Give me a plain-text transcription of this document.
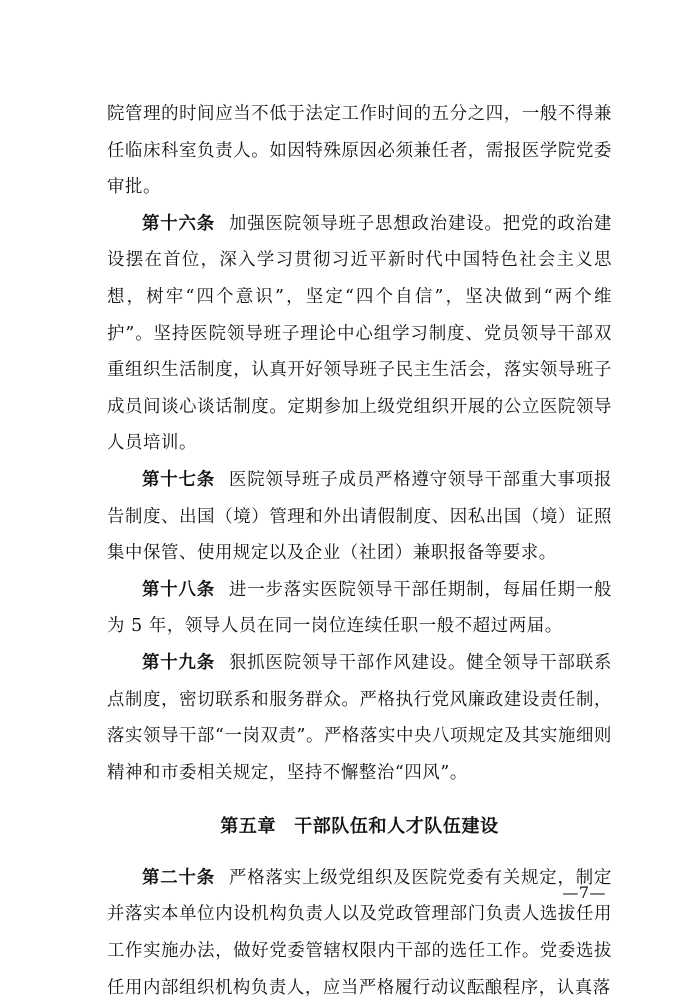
院管理的时间应当不低于法定工作时间的五分之四，一般不得兼任临床科室负责人。如因特殊原因必须兼任者，需报医学院党委审批。

第十六条 加强医院领导班子思想政治建设。把党的政治建设摆在首位，深入学习贯彻习近平新时代中国特色社会主义思想，树牢“四个意识”，坚定“四个自信”，坚决做到“两个维护”。坚持医院领导班子理论中心组学习制度、党员领导干部双重组织生活制度，认真开好领导班子民主生活会，落实领导班子成员间谈心谈话制度。定期参加上级党组织开展的公立医院领导人员培训。

第十七条 医院领导班子成员严格遵守领导干部重大事项报告制度、出国（境）管理和外出请假制度、因私出国（境）证照集中保管、使用规定以及企业（社团）兼职报备等要求。

第十八条 进一步落实医院领导干部任期制，每届任期一般为 5 年，领导人员在同一岗位连续任职一般不超过两届。

第十九条 狠抓医院领导干部作风建设。健全领导干部联系点制度，密切联系和服务群众。严格执行党风廉政建设责任制，落实领导干部“一岗双责”。严格落实中央八项规定及其实施细则精神和市委相关规定，坚持不懈整治“四风”。

第五章 干部队伍和人才队伍建设

第二十条 严格落实上级党组织及医院党委有关规定，制定并落实本单位内设机构负责人以及党政管理部门负责人选拔任用工作实施办法，做好党委管辖权限内干部的选任工作。党委选拔任用内部组织机构负责人，应当严格履行动议酝酿程序，认真落

—7—
